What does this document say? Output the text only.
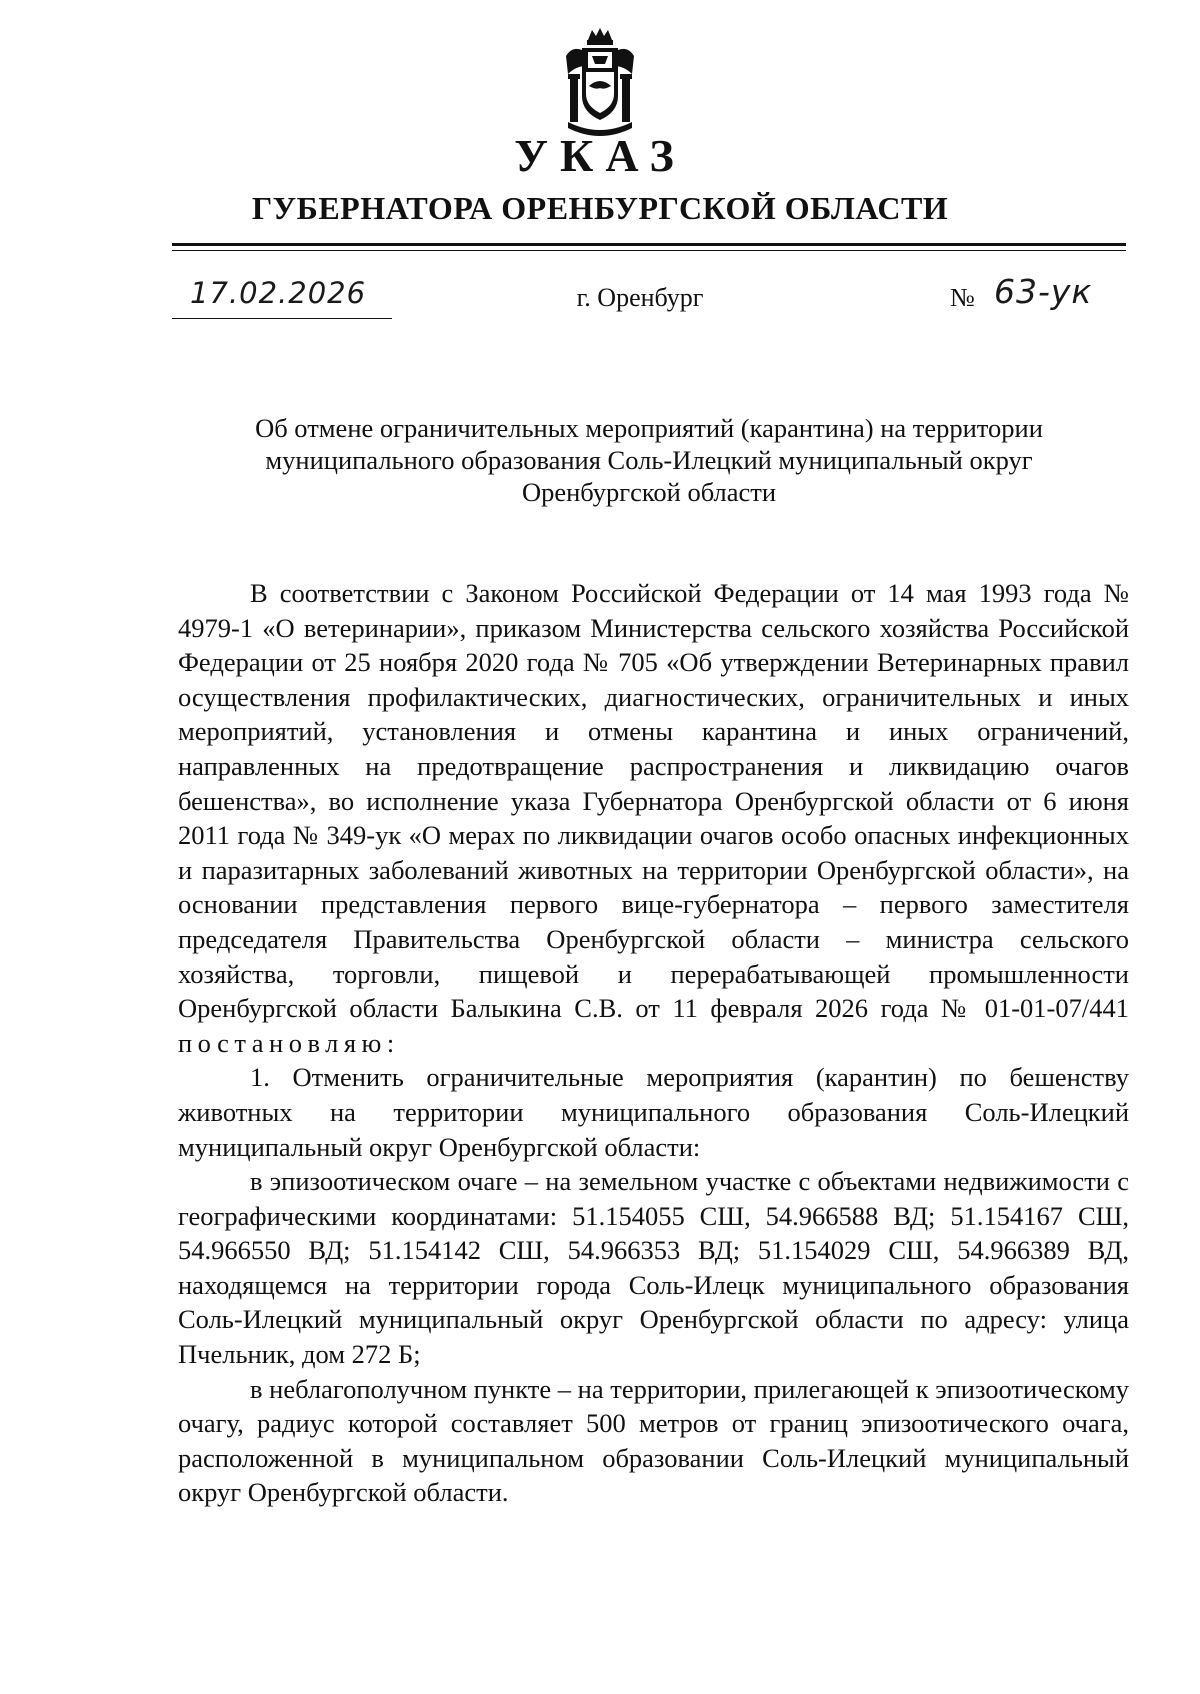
УКАЗ
ГУБЕРНАТОРА ОРЕНБУРГСКОЙ ОБЛАСТИ
17.02.2026	г. Оренбург	№ 63-ук
Об отмене ограничительных мероприятий (карантина) на территории
муниципального образования Соль-Илецкий муниципальный округ
Оренбургской области

В соответствии с Законом Российской Федерации от 14 мая 1993 года № 4979-1 «О ветеринарии», приказом Министерства сельского хозяйства Российской Федерации от 25 ноября 2020 года № 705 «Об утверждении Ветеринарных правил осуществления профилактических, диагностических, ограничительных и иных мероприятий, установления и отмены карантина и иных ограничений, направленных на предотвращение распространения и ликвидацию очагов бешенства», во исполнение указа Губернатора Оренбургской области от 6 июня 2011 года № 349-ук «О мерах по ликвидации очагов особо опасных инфекционных и паразитарных заболеваний животных на территории Оренбургской области», на основании представления первого вице-губернатора – первого заместителя председателя Правительства Оренбургской области – министра сельского хозяйства, торговли, пищевой и перерабатывающей промышленности Оренбургской области Балыкина С.В. от 11 февраля 2026 года № 01-01-07/441 постановляю:

1. Отменить ограничительные мероприятия (карантин) по бешенству животных на территории муниципального образования Соль-Илецкий муниципальный округ Оренбургской области:

в эпизоотическом очаге – на земельном участке с объектами недвижимости с географическими координатами: 51.154055 СШ, 54.966588 ВД; 51.154167 СШ, 54.966550 ВД; 51.154142 СШ, 54.966353 ВД; 51.154029 СШ, 54.966389 ВД, находящемся на территории города Соль-Илецк муниципального образования Соль-Илецкий муниципальный округ Оренбургской области по адресу: улица Пчельник, дом 272 Б;

в неблагополучном пункте – на территории, прилегающей к эпизоотическому очагу, радиус которой составляет 500 метров от границ эпизоотического очага, расположенной в муниципальном образовании Соль-Илецкий муниципальный округ Оренбургской области.
